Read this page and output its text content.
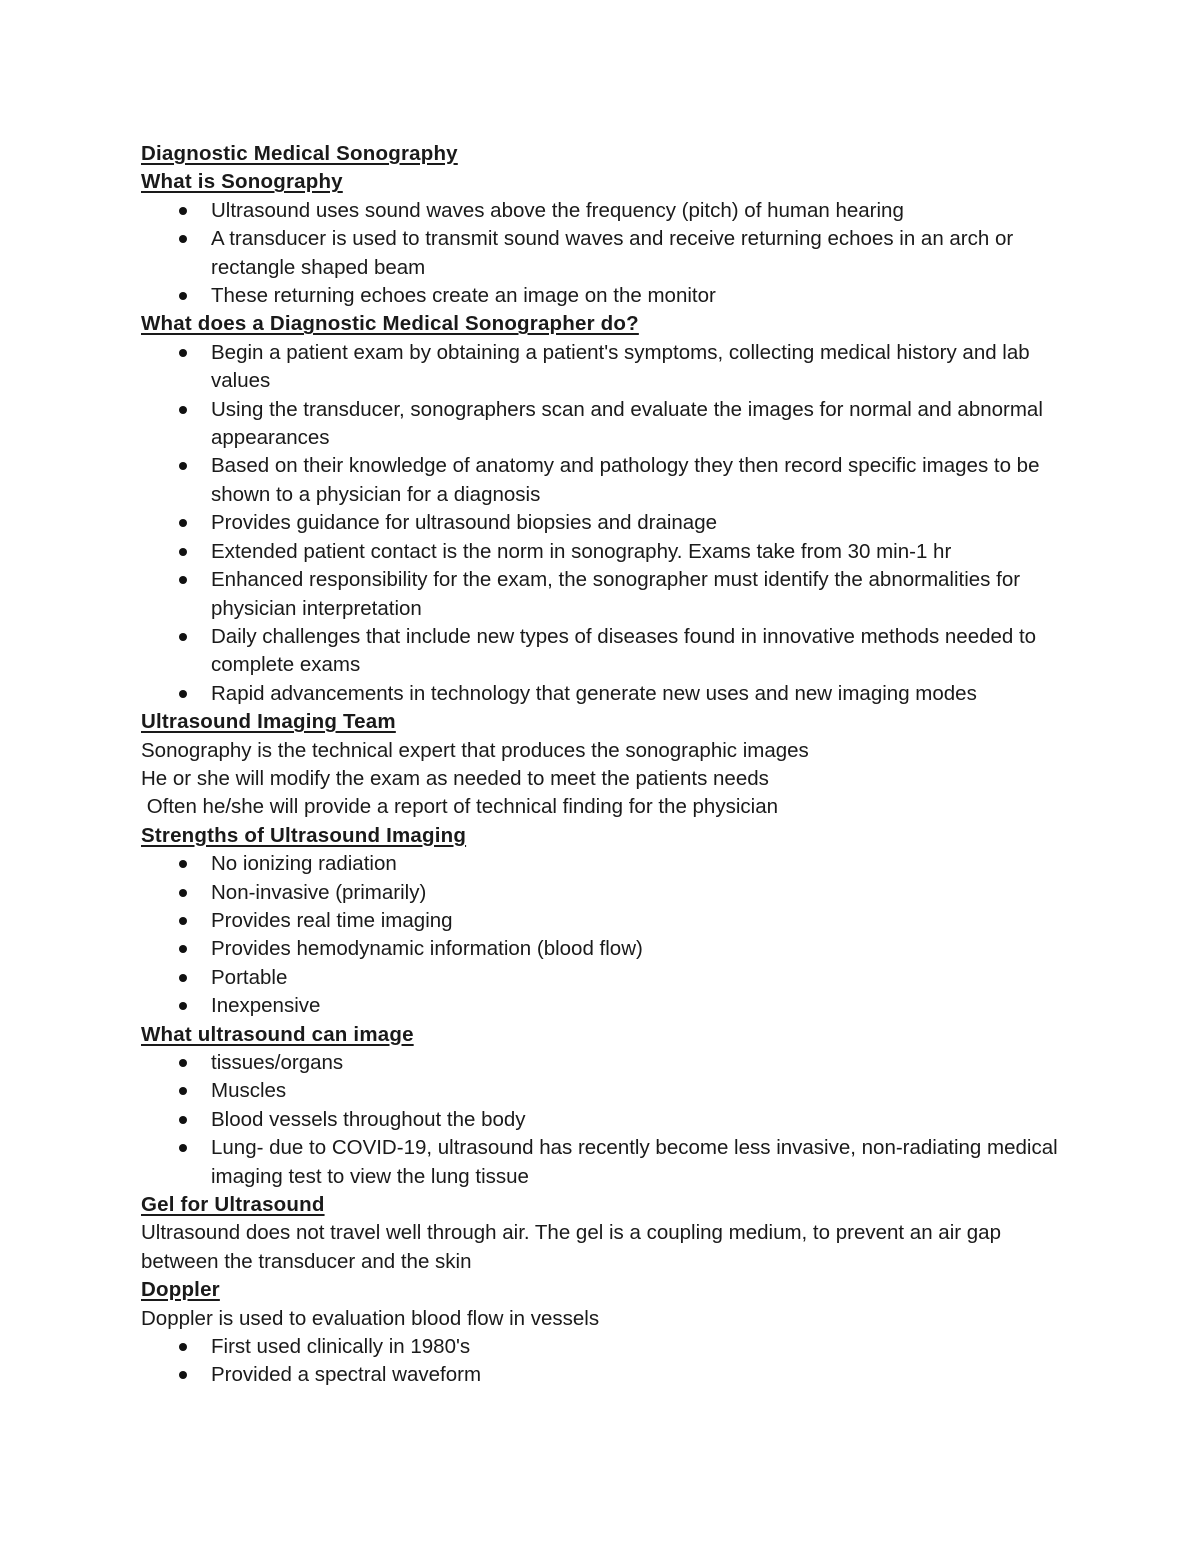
Diagnostic Medical Sonography
What is Sonography
Ultrasound uses sound waves above the frequency (pitch) of human hearing
A transducer is used to transmit sound waves and receive returning echoes in an arch or rectangle shaped beam
These returning echoes create an image on the monitor
What does a Diagnostic Medical Sonographer do?
Begin a patient exam by obtaining a patient's symptoms, collecting medical history and lab values
Using the transducer, sonographers scan and evaluate the images for normal and abnormal appearances
Based on their knowledge of anatomy and pathology they then record specific images to be shown to a physician for a diagnosis
Provides guidance for ultrasound biopsies and drainage
Extended patient contact is the norm in sonography. Exams take from 30 min-1 hr
Enhanced responsibility for the exam, the sonographer must identify the abnormalities for physician interpretation
Daily challenges that include new types of diseases found in innovative methods needed to complete exams
Rapid advancements in technology that generate new uses and new imaging modes
Ultrasound Imaging Team

Sonography is the technical expert that produces the sonographic images

He or she will modify the exam as needed to meet the patients needs

Often he/she will provide a report of technical finding for the physician

Strengths of Ultrasound Imaging
No ionizing radiation
Non-invasive (primarily)
Provides real time imaging
Provides hemodynamic information (blood flow)
Portable
Inexpensive
What ultrasound can image
tissues/organs
Muscles
Blood vessels throughout the body
Lung- due to COVID-19, ultrasound has recently become less invasive, non-radiating medical imaging test to view the lung tissue
Gel for Ultrasound

Ultrasound does not travel well through air. The gel is a coupling medium, to prevent an air gap between the transducer and the skin

Doppler

Doppler is used to evaluation blood flow in vessels

First used clinically in 1980's
Provided a spectral waveform
